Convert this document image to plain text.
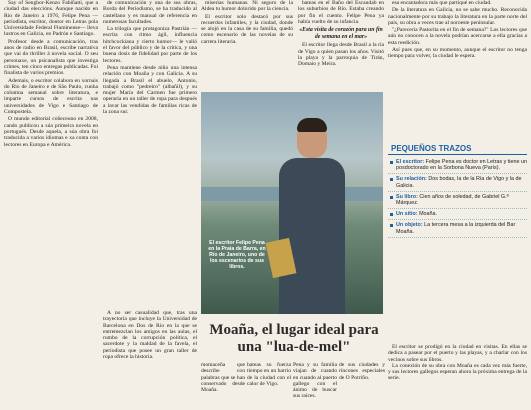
Say of Senghor-Kenzo Fabiñatti, que a ciudad das eleccións. Aunque nacido en Rio de Janeiro a 1976, Felipe Pena —periodista, escritor, doutor en Letras pola Universidade Federal Fluminense— lleva lustros en Galicia, en Padrón e Santiago.

Profesor desde a comunicación, tras anos de radio en Brasil, escribe narrativa que vai do thriller á novela social. O seu personaxe, un psicanalista que investiga crimes, ten cinco entregas publicadas. Foi finalista de varios premios.

Ademais, o escritor colabora en xornais do Rio de Janeiro e de São Paulo, cunha columna semanal sobre literatura, e imparte cursos de escrita nas universidades de Vigo e Santiago de Compostela.

O mundo editorial coñeceuno en 2008, cando publicou a súa primeira novela en portugués. Desde aquela, a súa obra foi traducida a varios idiomas e xa conta con lectores en Europa e América.

de comunicación y una de sus obras, Borda del Periodismo, se ha traducido al castellano y es manual de referencia en numerosas facultades.

La trilogía que protagoniza Pastrián —escrita con ritmo ágil, influencia hitchcockiana y cierto humor— le valió el favor del público y de la crítica, y una buena dosis de fidelidad por parte de los lectores.

Pena mantiene desde niño una intensa relación con Moaña y con Galicia. A su llegada a Brasil el abuelo, Antonio, trabajó como "pedreiro" (albañil), y su mujer María del Carmen fue primero operaria en un taller de ropa para después a lavar las vendidas de familias ricas de la zona sur.

miserias humanas. Ni seguro de la Aldea tu humor dolorido por la ciencia.

El escritor solo destacó por sus recuerdos infantiles, y la ciudad, donde se alojó en la casa de su familia, quedó como escenario de las novelas de su carrera literaria.

bateas en el Baño del Escaudab en los suburbios de Río. Estaba creando por fin el cuento. Felipe Pena ya había vuelto de su infancia.

«Esta visita de corazón para un fin de semana en el mar»

El escritor llega desde Brasil a la ría de Vigo a quien pasan los años. Visitó la playa y la parroquia de Tirán, Domaio y Meira.

esa encantadora más que partiqué en ciudad.

De la literatura en Galicia, no se sabe mucho. Reconocida nacionalmente por su trabajo la literatura en la parte norte del país, su obra a veces trae al noroeste peninsular.

"¿Parecería Pastorita en el fin de semana?" Los lectores que aún no conocen a la novela podrían acercarse a ella gracias a esta reedición.

Así pues que, en su momento, aunque el escritor no tenga tiempo para volver, la ciudad le espera.

El escritor Felipe Pena en la Praia de Barra, en Río de Janeiro, uno de los escenarios de sus libros.
Moaña, el lugar ideal para una "lua-de-mel"

A no ser casualidad que, tras una trayectoria que incluye la Universidad de Barcelona en Dos de Rio en la que se entremezclan los amigos en las aulas, el rumbo de la corrupción política, el sacerdote y la maldad de la favela, el periodista que posee un gran taller de ropa ofrece la historia.

momaceña que describe con palabras que se han conservado desde Moaña.
bateas su fuerza tiempo en un barrio de la ciudad con el calor de Vigo.
Pena y su familia viajan de cuando en cuando al puerto gallego con el ánimo de buscar sus raíces.
de sus ciudades y rincones especiales de O Porriño.
PEQUEÑOS TRAZOS
El escritor: Felipe Pena es doctor en Letras y tiene un posdoctorado en la Sorbona Nueva (París).
Su relación: Dos bodas, la de la Ría de Vigo y la de Galicia.
Su libro: Cien años de soledad, de Gabriel G.ª Márquez.
Un sitio: Moaña.
Un objeto: La tercera mesa a la izquierda del Bar Moaña.

El escritor se prodigó en la ciudad en visitas. En ellas se dedica a pasear por el puerto y las playas, y a charlar con los vecinos sobre sus libros.

La conexión de su obra con Moaña es cada vez más fuerte, y sus lectores gallegos esperan ahora la próxima entrega de la serie.
